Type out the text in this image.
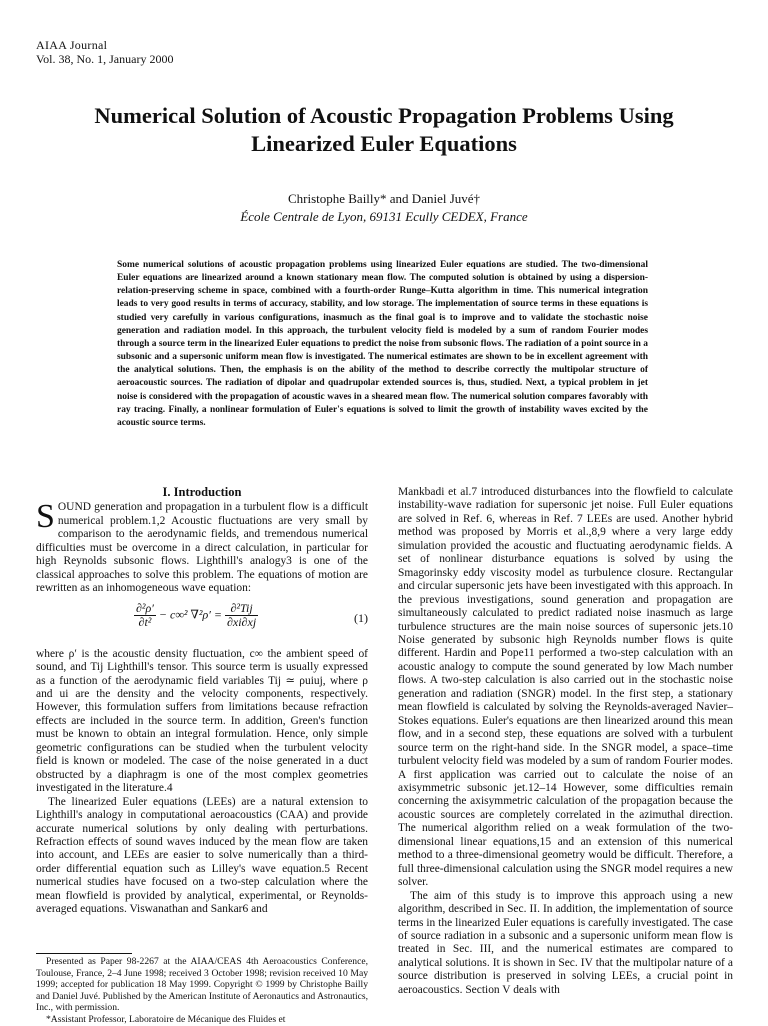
AIAA Journal
Vol. 38, No. 1, January 2000
Numerical Solution of Acoustic Propagation Problems Using
Linearized Euler Equations
Christophe Bailly* and Daniel Juvé†
École Centrale de Lyon, 69131 Ecully CEDEX, France
Some numerical solutions of acoustic propagation problems using linearized Euler equations are studied. The two-dimensional Euler equations are linearized around a known stationary mean flow. The computed solution is obtained by using a dispersion-relation-preserving scheme in space, combined with a fourth-order Runge–Kutta algorithm in time. This numerical integration leads to very good results in terms of accuracy, stability, and low storage. The implementation of source terms in these equations is studied very carefully in various configurations, inasmuch as the final goal is to improve and to validate the stochastic noise generation and radiation model. In this approach, the turbulent velocity field is modeled by a sum of random Fourier modes through a source term in the linearized Euler equations to predict the noise from subsonic flows. The radiation of a point source in a subsonic and a supersonic uniform mean flow is investigated. The numerical estimates are shown to be in excellent agreement with the analytical solutions. Then, the emphasis is on the ability of the method to describe correctly the multipolar structure of aeroacoustic sources. The radiation of dipolar and quadrupolar extended sources is, thus, studied. Next, a typical problem in jet noise is considered with the propagation of acoustic waves in a sheared mean flow. The numerical solution compares favorably with ray tracing. Finally, a nonlinear formulation of Euler's equations is solved to limit the growth of instability waves excited by the acoustic source terms.
I. Introduction

SOUND generation and propagation in a turbulent flow is a difficult numerical problem.1,2 Acoustic fluctuations are very small by comparison to the aerodynamic fields, and tremendous numerical difficulties must be overcome in a direct calculation, in particular for high Reynolds subsonic flows. Lighthill's analogy3 is one of the classical approaches to solve this problem. The equations of motion are rewritten as an inhomogeneous wave equation:

$\frac{\text{∂²ρ′}}{\text{∂t²}} - c\infty^2$ $\nabla^2\rho' = \frac{\text{∂²Tij}}{\partial xi\partial xj}$	(1)

where ρ′ is the acoustic density fluctuation, c∞ the ambient speed of sound, and Tij Lighthill's tensor. This source term is usually expressed as a function of the aerodynamic field variables Tij ≃ ρuiuj, where ρ and ui are the density and the velocity components, respectively. However, this formulation suffers from limitations because refraction effects are included in the source term. In addition, Green's function must be known to obtain an integral formulation. Hence, only simple geometric configurations can be studied when the turbulent velocity field is known or modeled. The case of the noise generated in a duct obstructed by a diaphragm is one of the most complex geometries investigated in the literature.4

The linearized Euler equations (LEEs) are a natural extension to Lighthill's analogy in computational aeroacoustics (CAA) and provide accurate numerical solutions by only dealing with perturbations. Refraction effects of sound waves induced by the mean flow are taken into account, and LEEs are easier to solve numerically than a third-order differential equation such as Lilley's wave equation.5 Recent numerical studies have focused on a two-step calculation where the mean flowfield is provided by analytical, experimental, or Reynolds-averaged equations. Viswanathan and Sankar6 and

Mankbadi et al.7 introduced disturbances into the flowfield to calculate instability-wave radiation for supersonic jet noise. Full Euler equations are solved in Ref. 6, whereas in Ref. 7 LEEs are used. Another hybrid method was proposed by Morris et al.,8,9 where a very large eddy simulation provided the acoustic and fluctuating aerodynamic fields. A set of nonlinear disturbance equations is solved by using the Smagorinsky eddy viscosity model as turbulence closure. Rectangular and circular supersonic jets have been investigated with this approach. In the previous investigations, sound generation and propagation are simultaneously calculated to predict radiated noise inasmuch as large turbulence structures are the main noise sources of supersonic jets.10 Noise generated by subsonic high Reynolds number flows is quite different. Hardin and Pope11 performed a two-step calculation with an acoustic analogy to compute the sound generated by low Mach number flows. A two-step calculation is also carried out in the stochastic noise generation and radiation (SNGR) model. In the first step, a stationary mean flowfield is calculated by solving the Reynolds-averaged Navier–Stokes equations. Euler's equations are then linearized around this mean flow, and in a second step, these equations are solved with a turbulent source term on the right-hand side. In the SNGR model, a space–time turbulent velocity field was modeled by a sum of random Fourier modes. A first application was carried out to calculate the noise of an axisymmetric subsonic jet.12–14 However, some difficulties remain concerning the axisymmetric calculation of the propagation because the acoustic sources are completely correlated in the azimuthal direction. The numerical algorithm relied on a weak formulation of the two-dimensional linear equations,15 and an extension of this numerical method to a three-dimensional geometry would be difficult. Therefore, a full three-dimensional calculation using the SNGR model requires a new solver.

The aim of this study is to improve this approach using a new algorithm, described in Sec. II. In addition, the implementation of source terms in the linearized Euler equations is carefully investigated. The case of source radiation in a subsonic and a supersonic uniform mean flow is treated in Sec. III, and the numerical estimates are compared to analytical solutions. It is shown in Sec. IV that the multipolar nature of a source distribution is preserved in solving LEEs, a crucial point in aeroacoustics. Section V deals with

Presented as Paper 98-2267 at the AIAA/CEAS 4th Aeroacoustics Conference, Toulouse, France, 2–4 June 1998; received 3 October 1998; revision received 10 May 1999; accepted for publication 18 May 1999. Copyright © 1999 by Christophe Bailly and Daniel Juvé. Published by the American Institute of Aeronautics and Astronautics, Inc., with permission.

*Assistant Professor, Laboratoire de Mécanique des Fluides et
